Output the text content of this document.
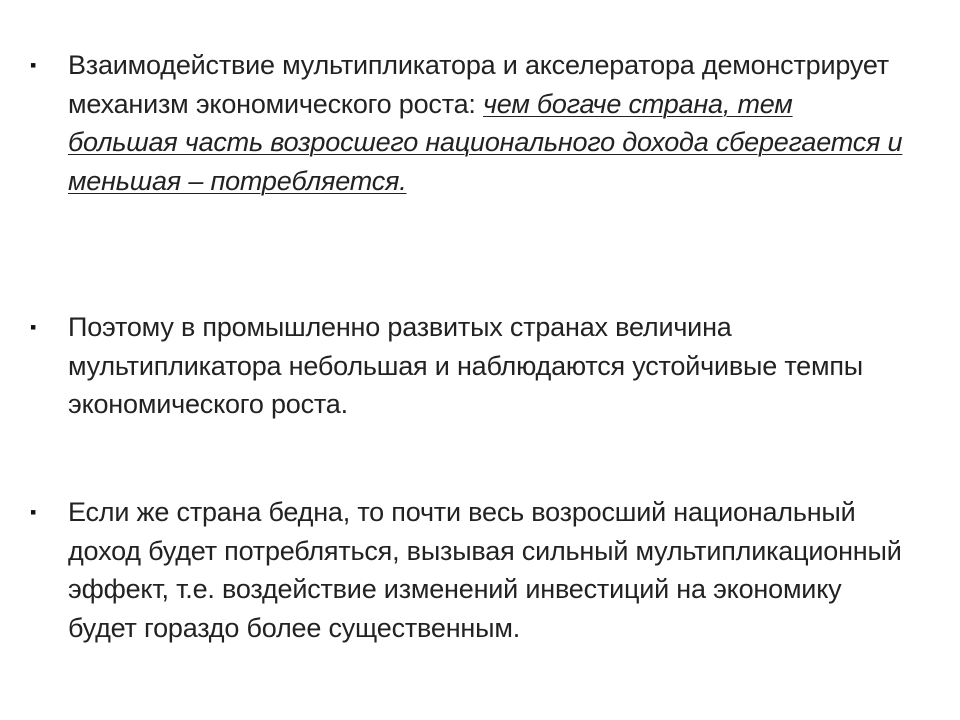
▪	Взаимодействие мультипликатора и акселератора демонстрирует механизм экономического роста: чем богаче страна, тем большая часть возросшего национального дохода сберегается и меньшая – потребляется.
▪	Поэтому в промышленно развитых странах величина мультипликатора небольшая и наблюдаются устойчивые темпы экономического роста.
▪	Если же страна бедна, то почти весь возросший национальный доход будет потребляться, вызывая сильный мультипликационный эффект, т.е. воздействие изменений инвестиций на экономику будет гораздо более существенным.
